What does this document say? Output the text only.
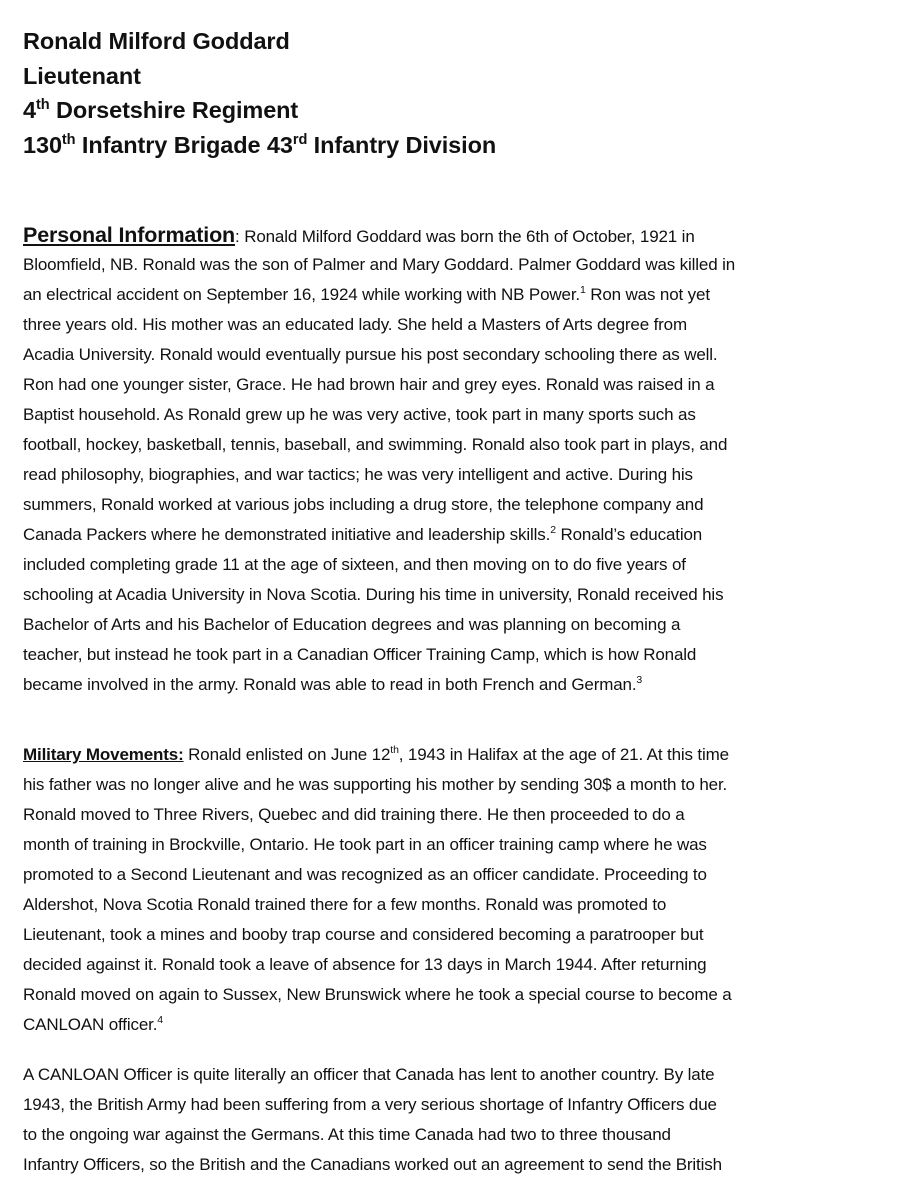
Ronald Milford Goddard
Lieutenant
4th Dorsetshire Regiment
130th Infantry Brigade 43rd Infantry Division
Personal Information: Ronald Milford Goddard was born the 6th of October, 1921 in
Bloomfield, NB. Ronald was the son of Palmer and Mary Goddard. Palmer Goddard was killed in
an electrical accident on September 16, 1924 while working with NB Power.$^1$ Ron was not yet
three years old. His mother was an educated lady. She held a Masters of Arts degree from
Acadia University. Ronald would eventually pursue his post secondary schooling there as well.
Ron had one younger sister, Grace. He had brown hair and grey eyes. Ronald was raised in a
Baptist household. As Ronald grew up he was very active, took part in many sports such as
football, hockey, basketball, tennis, baseball, and swimming. Ronald also took part in plays, and
read philosophy, biographies, and war tactics; he was very intelligent and active. During his
summers, Ronald worked at various jobs including a drug store, the telephone company and
Canada Packers where he demonstrated initiative and leadership skills.$^2$ Ronald’s education
included completing grade 11 at the age of sixteen, and then moving on to do five years of
schooling at Acadia University in Nova Scotia. During his time in university, Ronald received his
Bachelor of Arts and his Bachelor of Education degrees and was planning on becoming a
teacher, but instead he took part in a Canadian Officer Training Camp, which is how Ronald
became involved in the army. Ronald was able to read in both French and German.$^3$
Military Movements: Ronald enlisted on June 12th, 1943 in Halifax at the age of 21. At this time
his father was no longer alive and he was supporting his mother by sending 30$ a month to her.
Ronald moved to Three Rivers, Quebec and did training there. He then proceeded to do a
month of training in Brockville, Ontario. He took part in an officer training camp where he was
promoted to a Second Lieutenant and was recognized as an officer candidate. Proceeding to
Aldershot, Nova Scotia Ronald trained there for a few months. Ronald was promoted to
Lieutenant, took a mines and booby trap course and considered becoming a paratrooper but
decided against it. Ronald took a leave of absence for 13 days in March 1944. After returning
Ronald moved on again to Sussex, New Brunswick where he took a special course to become a
CANLOAN officer.$^4$
A CANLOAN Officer is quite literally an officer that Canada has lent to another country. By late
1943, the British Army had been suffering from a very serious shortage of Infantry Officers due
to the ongoing war against the Germans. At this time Canada had two to three thousand
Infantry Officers, so the British and the Canadians worked out an agreement to send the British
